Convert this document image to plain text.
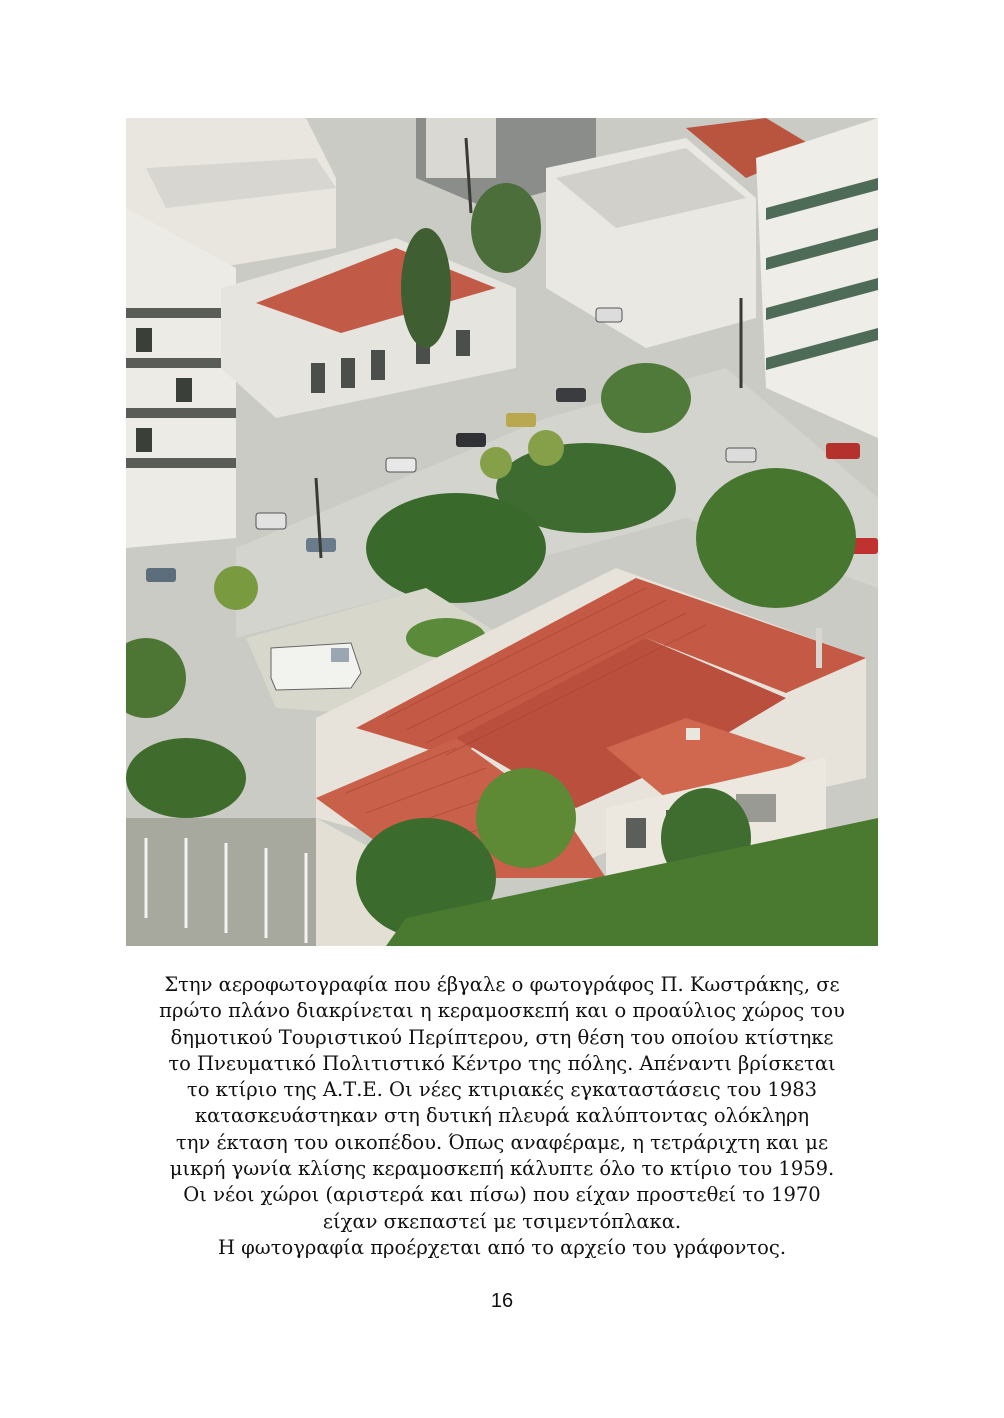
Στην αεροφωτογραφία που έβγαλε ο φωτογράφος Π. Κωστράκης, σε
πρώτο πλάνο διακρίνεται η κεραμοσκεπή και ο προαύλιος χώρος του
δημοτικού Τουριστικού Περίπτερου, στη θέση του οποίου κτίστηκε
το Πνευματικό Πολιτιστικό Κέντρο της πόλης. Απέναντι βρίσκεται
το κτίριο της Α.Τ.Ε. Οι νέες κτιριακές εγκαταστάσεις του 1983
κατασκευάστηκαν στη δυτική πλευρά καλύπτοντας ολόκληρη
την έκταση του οικοπέδου. Όπως αναφέραμε, η τετράριχτη και με
μικρή γωνία κλίσης κεραμοσκεπή κάλυπτε όλο το κτίριο του 1959.
Οι νέοι χώροι (αριστερά και πίσω) που είχαν προστεθεί το 1970
είχαν σκεπαστεί με τσιμεντόπλακα.
Η φωτογραφία προέρχεται από το αρχείο του γράφοντος.

16
